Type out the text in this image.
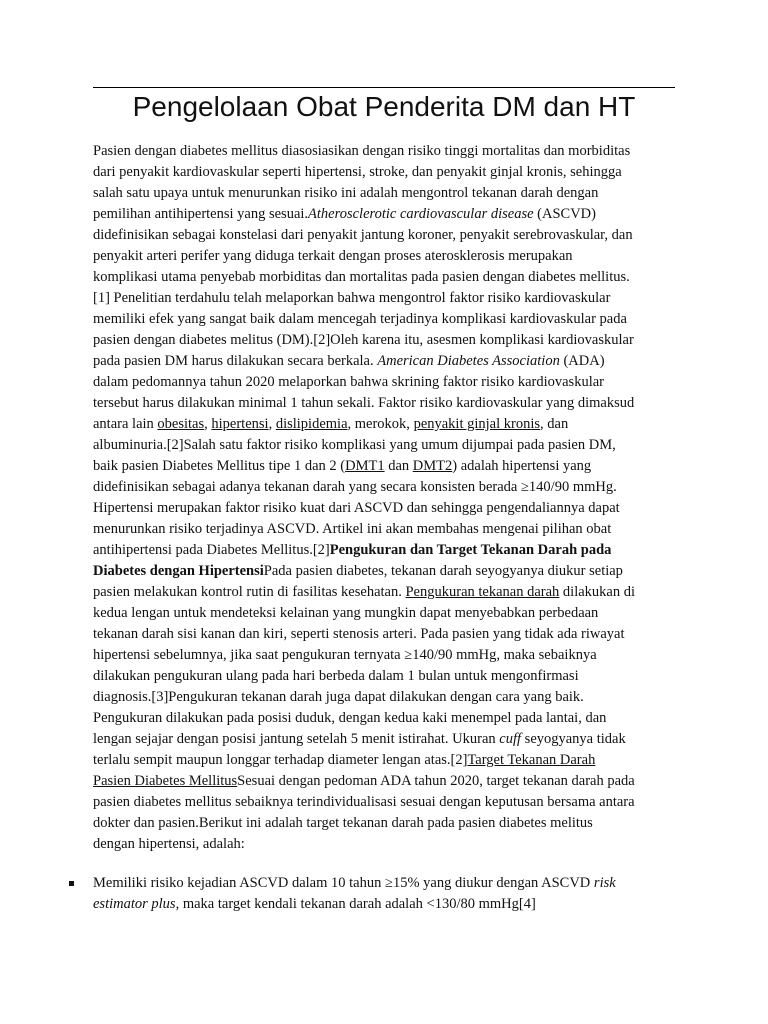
Pengelolaan Obat Penderita DM dan HT
Pasien dengan diabetes mellitus diasosiasikan dengan risiko tinggi mortalitas dan morbiditas
dari penyakit kardiovaskular seperti hipertensi, stroke, dan penyakit ginjal kronis, sehingga
salah satu upaya untuk menurunkan risiko ini adalah mengontrol tekanan darah dengan
pemilihan antihipertensi yang sesuai.Atherosclerotic cardiovascular disease (ASCVD)
didefinisikan sebagai konstelasi dari penyakit jantung koroner, penyakit serebrovaskular, dan
penyakit arteri perifer yang diduga terkait dengan proses aterosklerosis merupakan
komplikasi utama penyebab morbiditas dan mortalitas pada pasien dengan diabetes mellitus.
[1] Penelitian terdahulu telah melaporkan bahwa mengontrol faktor risiko kardiovaskular
memiliki efek yang sangat baik dalam mencegah terjadinya komplikasi kardiovaskular pada
pasien dengan diabetes melitus (DM).[2]Oleh karena itu, asesmen komplikasi kardiovaskular
pada pasien DM harus dilakukan secara berkala. American Diabetes Association (ADA)
dalam pedomannya tahun 2020 melaporkan bahwa skrining faktor risiko kardiovaskular
tersebut harus dilakukan minimal 1 tahun sekali. Faktor risiko kardiovaskular yang dimaksud
antara lain obesitas, hipertensi, dislipidemia, merokok, penyakit ginjal kronis, dan
albuminuria.[2]Salah satu faktor risiko komplikasi yang umum dijumpai pada pasien DM,
baik pasien Diabetes Mellitus tipe 1 dan 2 (DMT1 dan DMT2) adalah hipertensi yang
didefinisikan sebagai adanya tekanan darah yang secara konsisten berada ≥140/90 mmHg.
Hipertensi merupakan faktor risiko kuat dari ASCVD dan sehingga pengendaliannya dapat
menurunkan risiko terjadinya ASCVD. Artikel ini akan membahas mengenai pilihan obat
antihipertensi pada Diabetes Mellitus.[2]Pengukuran dan Target Tekanan Darah pada
Diabetes dengan HipertensiPada pasien diabetes, tekanan darah seyogyanya diukur setiap
pasien melakukan kontrol rutin di fasilitas kesehatan. Pengukuran tekanan darah dilakukan di
kedua lengan untuk mendeteksi kelainan yang mungkin dapat menyebabkan perbedaan
tekanan darah sisi kanan dan kiri, seperti stenosis arteri. Pada pasien yang tidak ada riwayat
hipertensi sebelumnya, jika saat pengukuran ternyata ≥140/90 mmHg, maka sebaiknya
dilakukan pengukuran ulang pada hari berbeda dalam 1 bulan untuk mengonfirmasi
diagnosis.[3]Pengukuran tekanan darah juga dapat dilakukan dengan cara yang baik.
Pengukuran dilakukan pada posisi duduk, dengan kedua kaki menempel pada lantai, dan
lengan sejajar dengan posisi jantung setelah 5 menit istirahat. Ukuran cuff seyogyanya tidak
terlalu sempit maupun longgar terhadap diameter lengan atas.[2]Target Tekanan Darah
Pasien Diabetes MellitusSesuai dengan pedoman ADA tahun 2020, target tekanan darah pada
pasien diabetes mellitus sebaiknya terindividualisasi sesuai dengan keputusan bersama antara
dokter dan pasien.Berikut ini adalah target tekanan darah pada pasien diabetes melitus
dengan hipertensi, adalah:
Memiliki risiko kejadian ASCVD dalam 10 tahun ≥15% yang diukur dengan ASCVD risk
estimator plus, maka target kendali tekanan darah adalah <130/80 mmHg[4]
